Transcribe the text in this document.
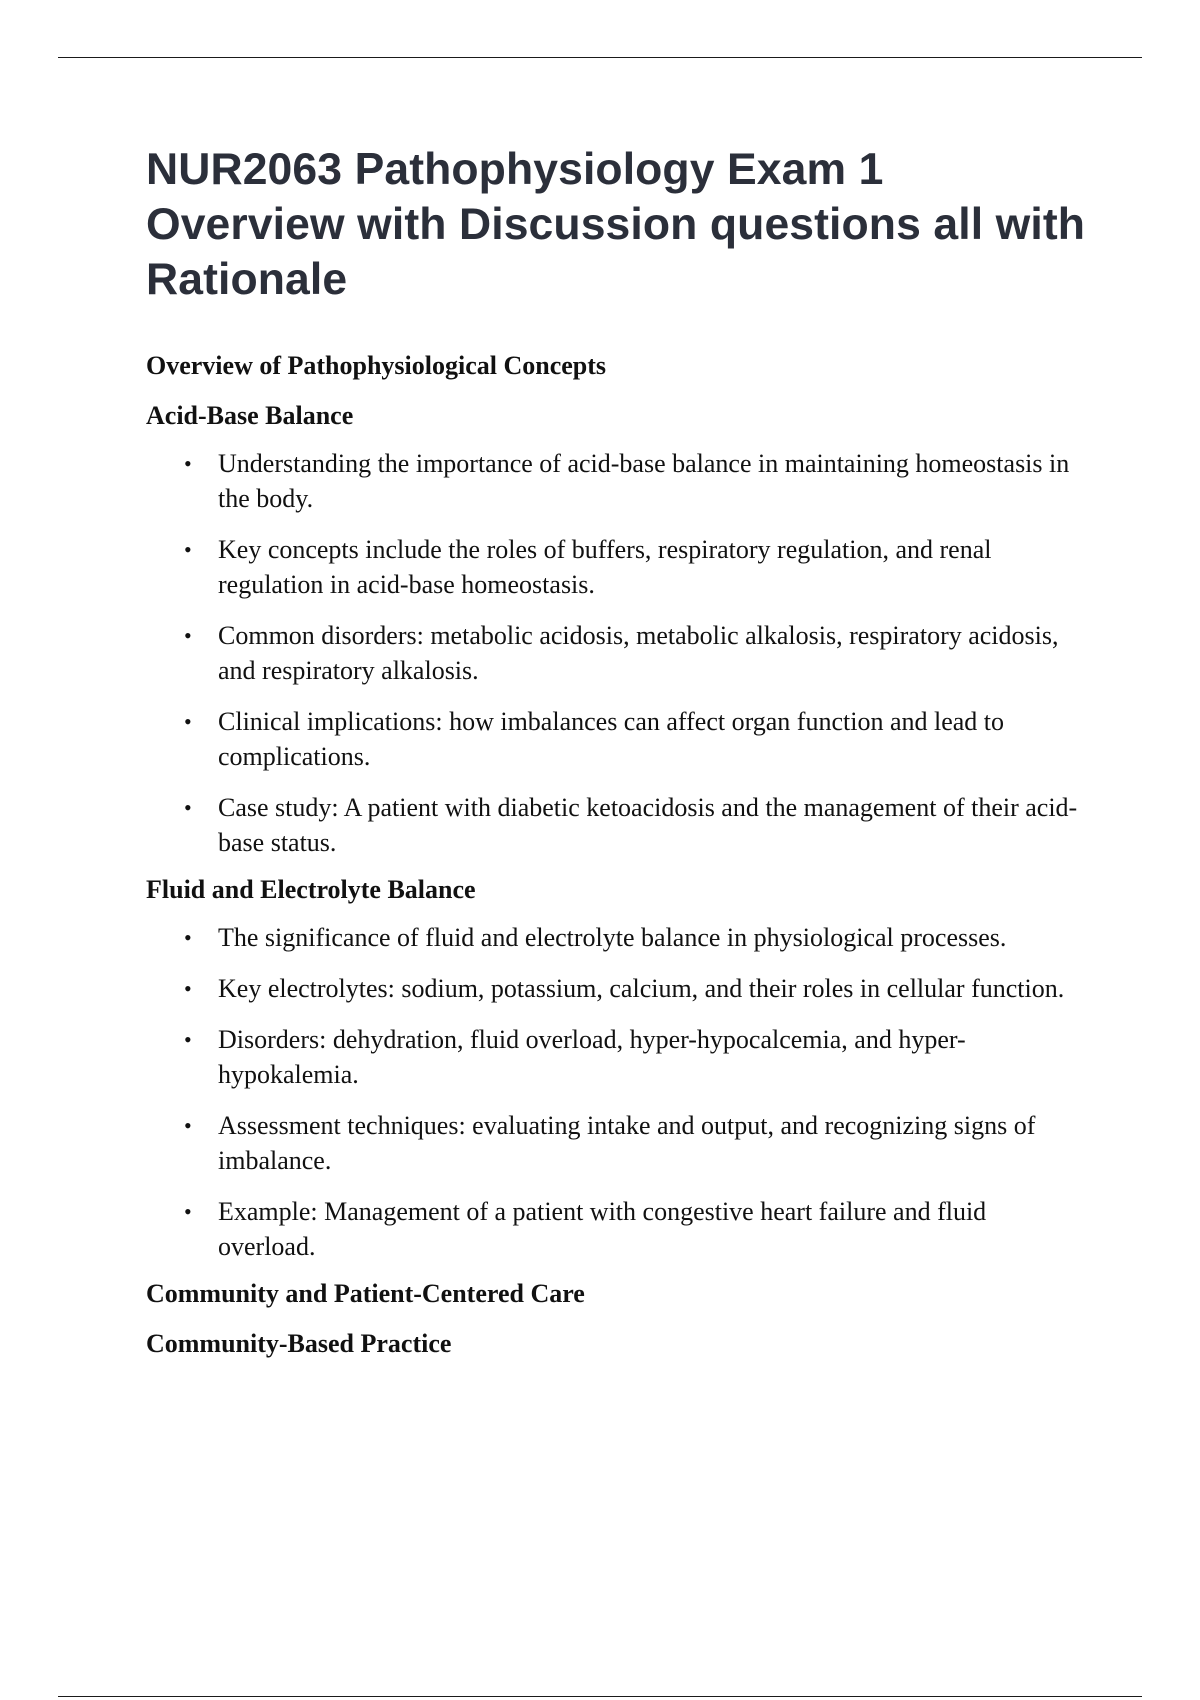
NUR2063 Pathophysiology Exam 1 Overview with Discussion questions all with Rationale
Overview of Pathophysiological Concepts
Acid-Base Balance
• Understanding the importance of acid-base balance in maintaining homeostasis in the body.
• Key concepts include the roles of buffers, respiratory regulation, and renal regulation in acid-base homeostasis.
• Common disorders: metabolic acidosis, metabolic alkalosis, respiratory acidosis, and respiratory alkalosis.
• Clinical implications: how imbalances can affect organ function and lead to complications.
• Case study: A patient with diabetic ketoacidosis and the management of their acid-base status.
Fluid and Electrolyte Balance
• The significance of fluid and electrolyte balance in physiological processes.
• Key electrolytes: sodium, potassium, calcium, and their roles in cellular function.
• Disorders: dehydration, fluid overload, hyper-hypocalcemia, and hyper-hypokalemia.
• Assessment techniques: evaluating intake and output, and recognizing signs of imbalance.
• Example: Management of a patient with congestive heart failure and fluid overload.
Community and Patient-Centered Care
Community-Based Practice
